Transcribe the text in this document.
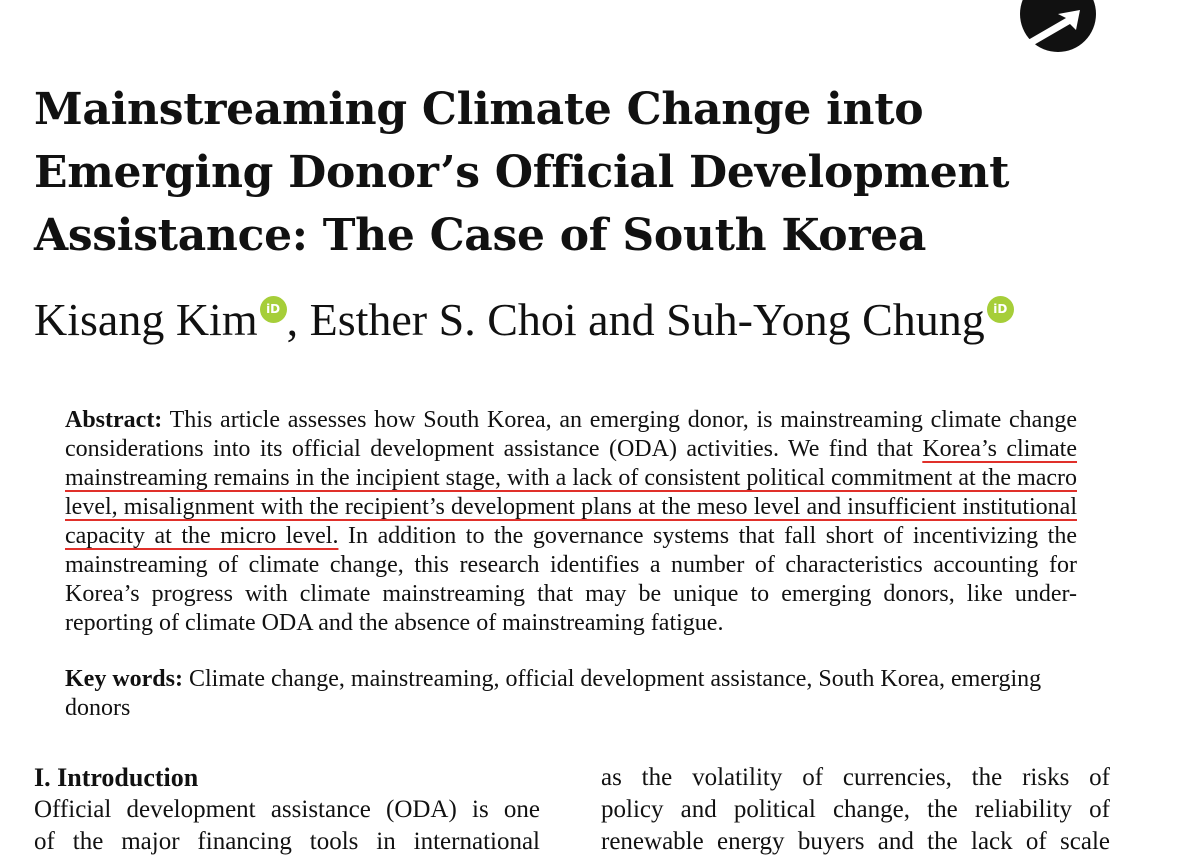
Mainstreaming Climate Change into
Emerging Donor’s Official Development
Assistance: The Case of South Korea
Kisang Kim iD , Esther S. Choi and Suh-Yong Chung iD
Abstract: This article assesses how South Korea, an emerging donor, is mainstreaming climate change considerations into its official development assistance (ODA) activities. We find that Korea’s climate mainstreaming remains in the incipient stage, with a lack of consistent political commitment at the macro level, misalignment with the recipient’s development plans at the meso level and insufficient institutional capacity at the micro level. In addition to the governance systems that fall short of incentivizing the mainstreaming of climate change, this research identifies a number of characteristics accounting for Korea’s progress with climate mainstreaming that may be unique to emerging donors, like under-reporting of climate ODA and the absence of mainstreaming fatigue.
Key words: Climate change, mainstreaming, official development assistance, South Korea, emerging donors
I. Introduction
Official development assistance (ODA) is one
of the major financing tools in international
as the volatility of currencies, the risks of
policy and political change, the reliability of
renewable energy buyers and the lack of scale
